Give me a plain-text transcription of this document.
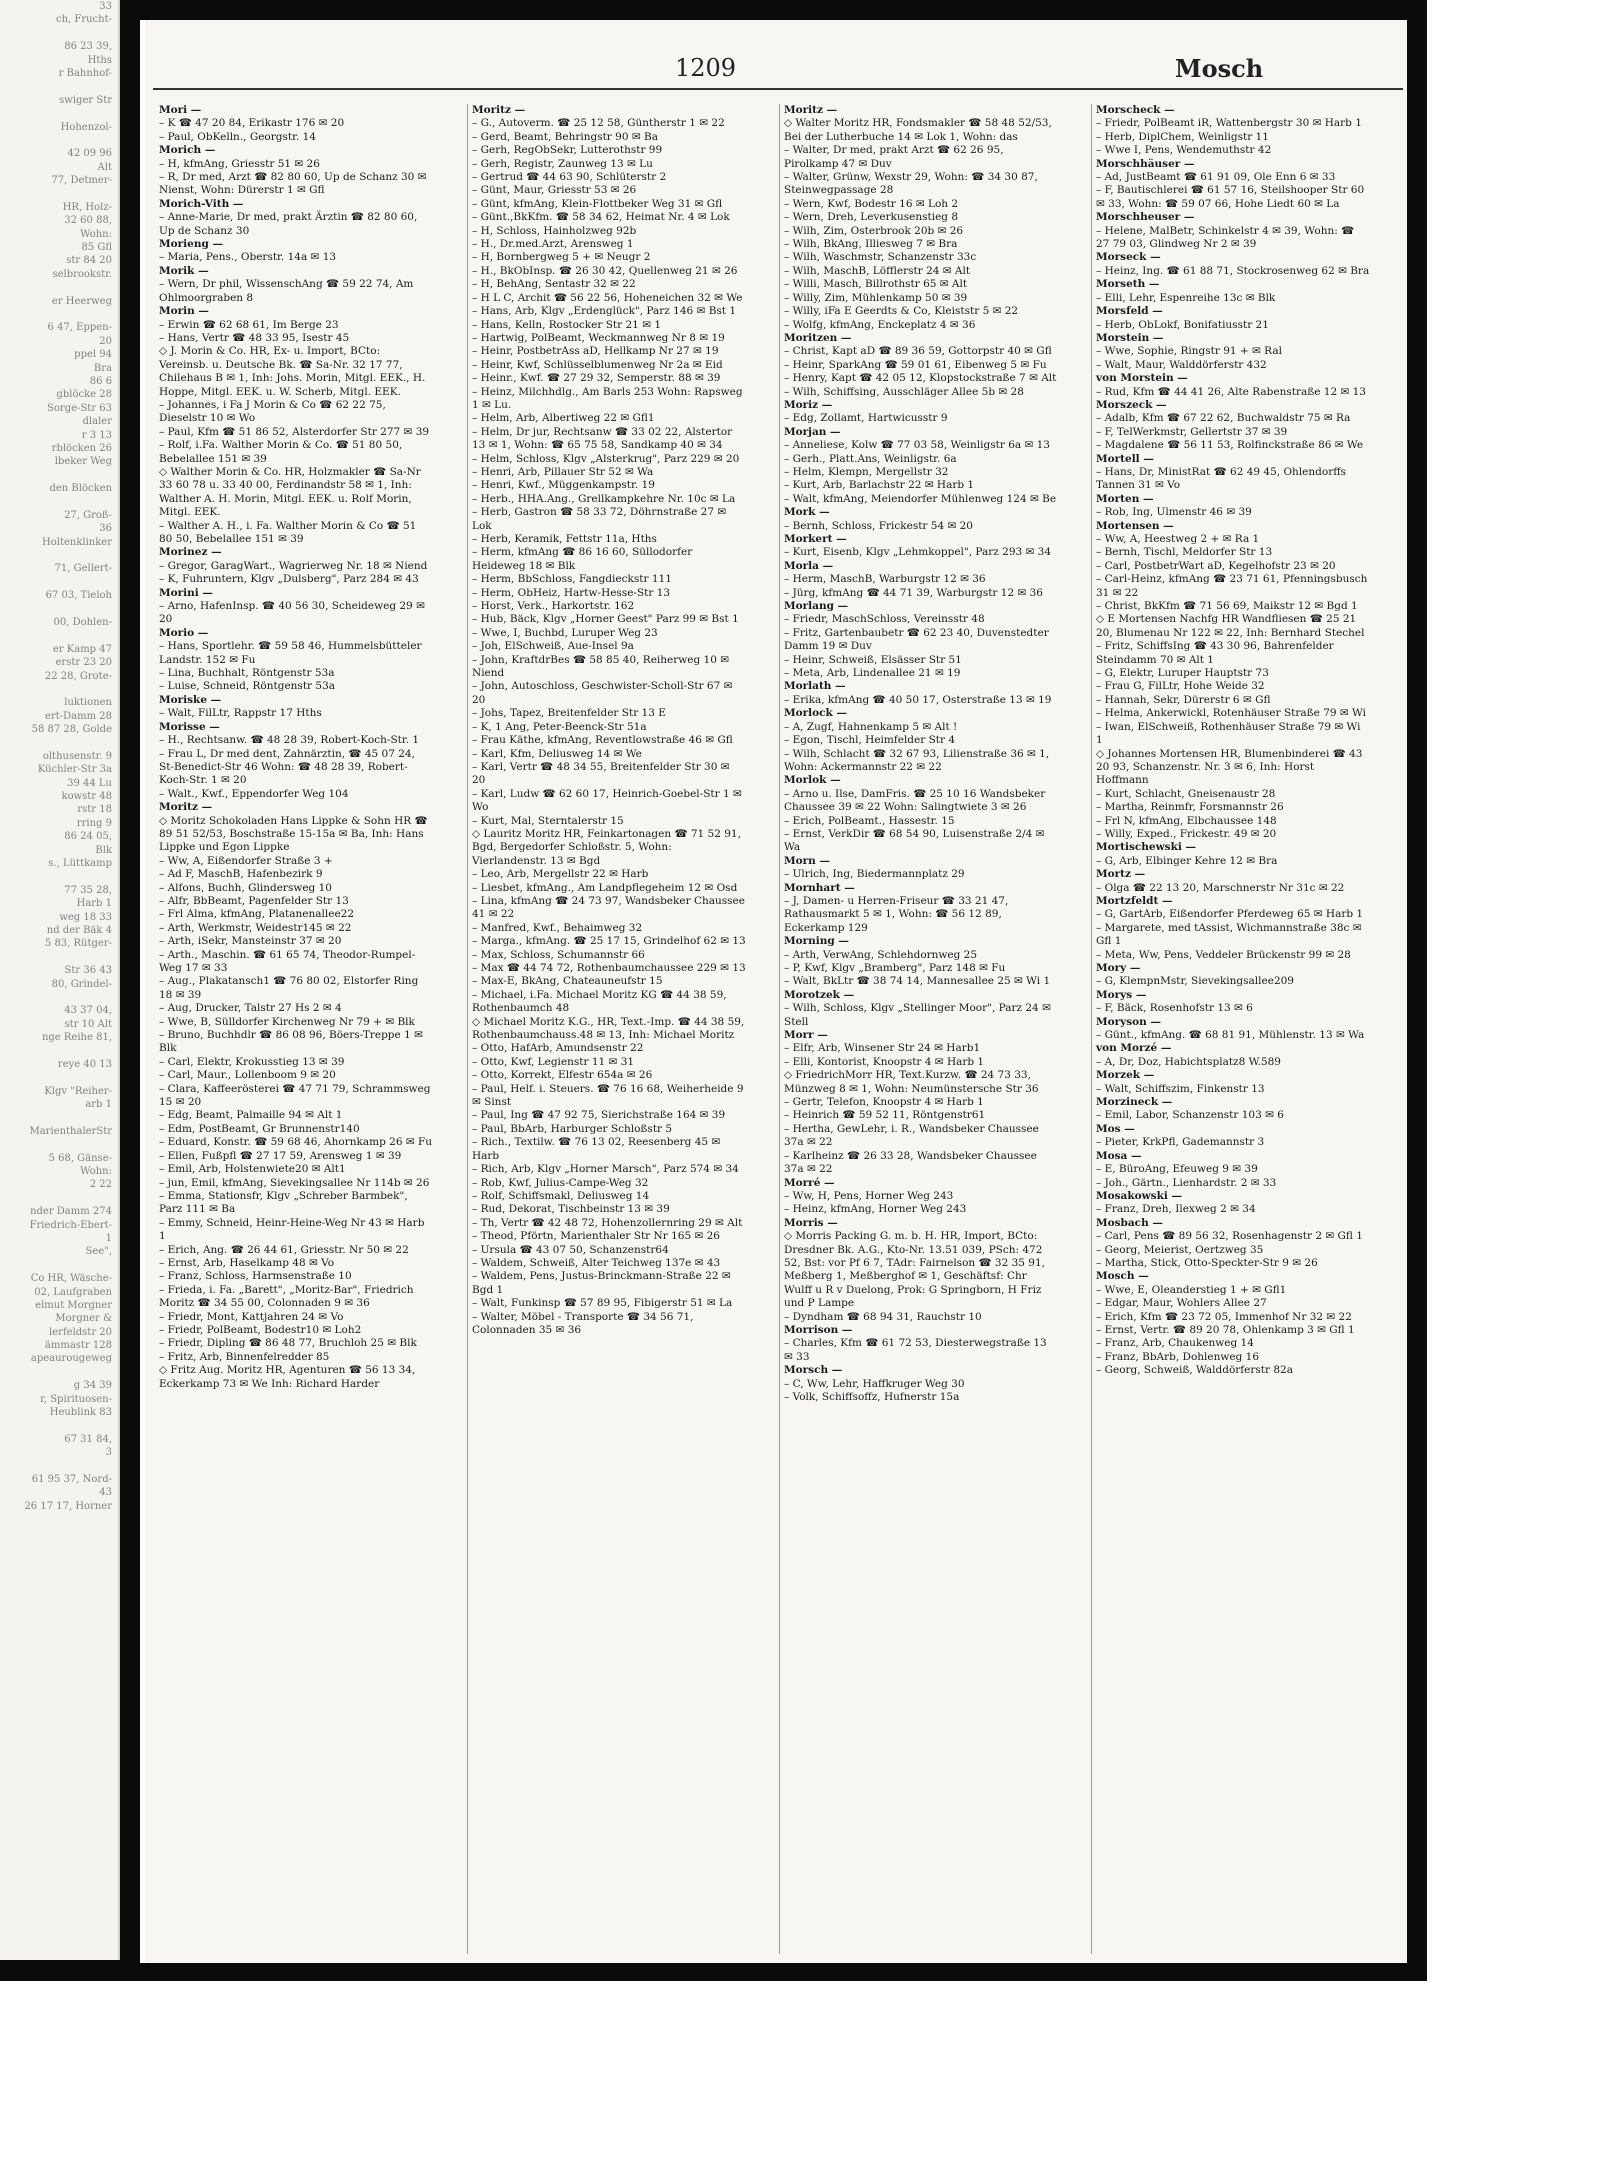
33
ch, Frucht-
86 23 39,
Hths
r Bahnhof-
swiger Str
Hohenzol-
42 09 96
Alt
77, Detmer-
HR, Holz-
32 60 88,
Wohn:
85 Gfl
str 84 20
selbrookstr.
er Heerweg
6 47, Eppen-
20
ppel 94
Bra
86 6
gblöcke 28
Sorge-Str 63
dlaler
r 3 13
rblöcken 26
lbeker Weg
den Blöcken
27, Groß-
36
Holtenklinker
71, Gellert-
67 03, Tieloh
00, Dohlen-
er Kamp 47
erstr 23 20
22 28, Grote-
luktionen
ert-Damm 28
58 87 28, Golde
olthusenstr. 9
Küchler-Str 3a
39 44 Lu
kowstr 48
rstr 18
rring 9
86 24 05,
Blk
s., Lüttkamp
77 35 28,
Harb 1
weg 18 33
nd der Bäk 4
5 83, Rütger-
Str 36 43
80, Grindel-
43 37 04,
str 10 Alt
nge Reihe 81,
reye 40 13
Klgv "Reiher-
arb 1
MarienthalerStr
5 68, Gänse-
Wohn:
2 22
nder Damm 274
Friedrich-Ebert-
1
See",
Co HR, Wäsche-
02, Laufgraben
elmut Morgner
Morgner &
lerfeldstr 20
ämmastr 128
apeaurougeweg
g 34 39
r, Spirituosen-
Heublink 83
67 31 84,
3
61 95 37, Nord-
43
26 17 17, Horner
1209	Mosch
Mori —
– K ☎ 47 20 84, Erikastr 176 ✉ 20
– Paul, ObKelln., Georgstr. 14
Morich —
– H, kfmAng, Griesstr 51 ✉ 26
– R, Dr med, Arzt ☎ 82 80 60, Up de Schanz 30 ✉ Nienst, Wohn: Dürerstr 1 ✉ Gfl
Morich-Vith —
– Anne-Marie, Dr med, prakt Ärztin ☎ 82 80 60, Up de Schanz 30
Morieng —
– Maria, Pens., Oberstr. 14a ✉ 13
Morik —
– Wern, Dr phil, WissenschAng ☎ 59 22 74, Am Ohlmoorgraben 8
Morin —
– Erwin ☎ 62 68 61, Im Berge 23
– Hans, Vertr ☎ 48 33 95, Isestr 45
◇ J. Morin & Co. HR, Ex- u. Import, BCto: Vereinsb. u. Deutsche Bk. ☎ Sa-Nr. 32 17 77, Chilehaus B ✉ 1, Inh: Johs. Morin, Mitgl. EEK., H. Hoppe, Mitgl. EEK. u. W. Scherb, Mitgl. EEK.
– Johannes, i Fa J Morin & Co ☎ 62 22 75, Dieselstr 10 ✉ Wo
– Paul, Kfm ☎ 51 86 52, Alsterdorfer Str 277 ✉ 39
– Rolf, i.Fa. Walther Morin & Co. ☎ 51 80 50, Bebelallee 151 ✉ 39
◇ Walther Morin & Co. HR, Holzmakler ☎ Sa-Nr 33 60 78 u. 33 40 00, Ferdinandstr 58 ✉ 1, Inh: Walther A. H. Morin, Mitgl. EEK. u. Rolf Morin, Mitgl. EEK.
– Walther A. H., i. Fa. Walther Morin & Co ☎ 51 80 50, Bebelallee 151 ✉ 39
Morinez —
– Gregor, GaragWart., Wagrierweg Nr. 18 ✉ Niend
– K, Fuhruntern, Klgv „Dulsberg", Parz 284 ✉ 43
Morini —
– Arno, HafenInsp. ☎ 40 56 30, Scheideweg 29 ✉ 20
Morio —
– Hans, Sportlehr. ☎ 59 58 46, Hummelsbütteler Landstr. 152 ✉ Fu
– Lina, Buchhalt, Röntgenstr 53a
– Luise, Schneid, Röntgenstr 53a
Moriske —
– Walt, FilLtr, Rappstr 17 Hths
Morisse —
– H., Rechtsanw. ☎ 48 28 39, Robert-Koch-Str. 1
– Frau L, Dr med dent, Zahnärztin, ☎ 45 07 24, St-Benedict-Str 46 Wohn: ☎ 48 28 39, Robert-Koch-Str. 1 ✉ 20
– Walt., Kwf., Eppendorfer Weg 104
Moritz —
◇ Moritz Schokoladen Hans Lippke & Sohn HR ☎ 89 51 52/53, Boschstraße 15-15a ✉ Ba, Inh: Hans Lippke und Egon Lippke
– Ww, A, Eißendorfer Straße 3 +
– Ad F, MaschB, Hafenbezirk 9
– Alfons, Buchh, Glindersweg 10
– Alfr, BbBeamt, Pagenfelder Str 13
– Frl Alma, kfmAng, Platanenallee22
– Arth, Werkmstr, Weidestr145 ✉ 22
– Arth, iSekr, Mansteinstr 37 ✉ 20
– Arth., Maschin. ☎ 61 65 74, Theodor-Rumpel-Weg 17 ✉ 33
– Aug., Plakatansch1 ☎ 76 80 02, Elstorfer Ring 18 ✉ 39
– Aug, Drucker, Talstr 27 Hs 2 ✉ 4
– Wwe, B, Sülldorfer Kirchenweg Nr 79 + ✉ Blk
– Bruno, Buchhdlr ☎ 86 08 96, Böers-Treppe 1 ✉ Blk
– Carl, Elektr, Krokusstieg 13 ✉ 39
– Carl, Maur., Lollenboom 9 ✉ 20
– Clara, Kaffeerösterei ☎ 47 71 79, Schrammsweg 15 ✉ 20
– Edg, Beamt, Palmaille 94 ✉ Alt 1
– Edm, PostBeamt, Gr Brunnenstr140
– Eduard, Konstr. ☎ 59 68 46, Ahornkamp 26 ✉ Fu
– Ellen, Fußpfl ☎ 27 17 59, Arensweg 1 ✉ 39
– Emil, Arb, Holstenwiete20 ✉ Alt1
– jun, Emil, kfmAng, Sievekingsallee Nr 114b ✉ 26
– Emma, Stationsfr, Klgv „Schreber Barmbek", Parz 111 ✉ Ba
– Emmy, Schneid, Heinr-Heine-Weg Nr 43 ✉ Harb 1
– Erich, Ang. ☎ 26 44 61, Griesstr. Nr 50 ✉ 22
– Ernst, Arb, Haselkamp 48 ✉ Vo
– Franz, Schloss, Harmsenstraße 10
– Frieda, i. Fa. „Barett", „Moritz-Bar", Friedrich Moritz ☎ 34 55 00, Colonnaden 9 ✉ 36
– Friedr, Mont, Kattjahren 24 ✉ Vo
– Friedr, PolBeamt, Bodestr10 ✉ Loh2
– Friedr, Dipling ☎ 86 48 77, Bruchloh 25 ✉ Blk
– Fritz, Arb, Binnenfelredder 85
◇ Fritz Aug. Moritz HR, Agenturen ☎ 56 13 34, Eckerkamp 73 ✉ We Inh: Richard Harder
Moritz —
– G., Autoverm. ☎ 25 12 58, Güntherstr 1 ✉ 22
– Gerd, Beamt, Behringstr 90 ✉ Ba
– Gerh, RegObSekr, Lutterothstr 99
– Gerh, Registr, Zaunweg 13 ✉ Lu
– Gertrud ☎ 44 63 90, Schlüterstr 2
– Günt, Maur, Griesstr 53 ✉ 26
– Günt, kfmAng, Klein-Flottbeker Weg 31 ✉ Gfl
– Günt.,BkKfm. ☎ 58 34 62, Heimat Nr. 4 ✉ Lok
– H, Schloss, Hainholzweg 92b
– H., Dr.med.Arzt, Arensweg 1
– H, Bornbergweg 5 + ✉ Neugr 2
– H., BkObInsp. ☎ 26 30 42, Quellenweg 21 ✉ 26
– H, BehAng, Sentastr 32 ✉ 22
– H L C, Archit ☎ 56 22 56, Hoheneichen 32 ✉ We
– Hans, Arb, Klgv „Erdenglück", Parz 146 ✉ Bst 1
– Hans, Kelln, Rostocker Str 21 ✉ 1
– Hartwig, PolBeamt, Weckmannweg Nr 8 ✉ 19
– Heinr, PostbetrAss aD, Hellkamp Nr 27 ✉ 19
– Heinr, Kwf, Schlüsselblumenweg Nr 2a ✉ Eid
– Heinr., Kwf. ☎ 27 29 32, Semperstr. 88 ✉ 39
– Heinz, Milchhdlg., Am Barls 253 Wohn: Rapsweg 1 ✉ Lu.
– Helm, Arb, Albertiweg 22 ✉ Gfl1
– Helm, Dr jur, Rechtsanw ☎ 33 02 22, Alstertor 13 ✉ 1, Wohn: ☎ 65 75 58, Sandkamp 40 ✉ 34
– Helm, Schloss, Klgv „Alsterkrug", Parz 229 ✉ 20
– Henri, Arb, Pillauer Str 52 ✉ Wa
– Henri, Kwf., Müggenkampstr. 19
– Herb., HHA.Ang., Grellkampkehre Nr. 10c ✉ La
– Herb, Gastron ☎ 58 33 72, Döhrnstraße 27 ✉ Lok
– Herb, Keramik, Fettstr 11a, Hths
– Herm, kfmAng ☎ 86 16 60, Süllodorfer Heideweg 18 ✉ Blk
– Herm, BbSchloss, Fangdieckstr 111
– Herm, ObHeiz, Hartw-Hesse-Str 13
– Horst, Verk., Harkortstr. 162
– Hub, Bäck, Klgv „Horner Geest" Parz 99 ✉ Bst 1
– Wwe, I, Buchbd, Luruper Weg 23
– Joh, ElSchweiß, Aue-Insel 9a
– John, KraftdrBes ☎ 58 85 40, Reiherweg 10 ✉ Niend
– John, Autoschloss, Geschwister-Scholl-Str 67 ✉ 20
– Johs, Tapez, Breitenfelder Str 13 E
– K, 1 Ang, Peter-Beenck-Str 51a
– Frau Käthe, kfmAng, Reventlowstraße 46 ✉ Gfl
– Karl, Kfm, Deliusweg 14 ✉ We
– Karl, Vertr ☎ 48 34 55, Breitenfelder Str 30 ✉ 20
– Karl, Ludw ☎ 62 60 17, Heinrich-Goebel-Str 1 ✉ Wo
– Kurt, Mal, Sterntalerstr 15
◇ Lauritz Moritz HR, Feinkartonagen ☎ 71 52 91, Bgd, Bergedorfer Schloßstr. 5, Wohn: Vierlandenstr. 13 ✉ Bgd
– Leo, Arb, Mergellstr 22 ✉ Harb
– Liesbet, kfmAng., Am Landpflegeheim 12 ✉ Osd
– Lina, kfmAng ☎ 24 73 97, Wandsbeker Chaussee 41 ✉ 22
– Manfred, Kwf., Behaimweg 32
– Marga., kfmAng. ☎ 25 17 15, Grindelhof 62 ✉ 13
– Max, Schloss, Schumannstr 66
– Max ☎ 44 74 72, Rothenbaumchaussee 229 ✉ 13
– Max-E, BkAng, Chateauneufstr 15
– Michael, i.Fa. Michael Moritz KG ☎ 44 38 59, Rothenbaumch 48
◇ Michael Moritz K.G., HR, Text.-Imp. ☎ 44 38 59, Rothenbaumchauss.48 ✉ 13, Inh: Michael Moritz
– Otto, HafArb, Amundsenstr 22
– Otto, Kwf, Legienstr 11 ✉ 31
– Otto, Korrekt, Elfestr 654a ✉ 26
– Paul, Helf. i. Steuers. ☎ 76 16 68, Weiherheide 9 ✉ Sinst
– Paul, Ing ☎ 47 92 75, Sierichstraße 164 ✉ 39
– Paul, BbArb, Harburger Schloßstr 5
– Rich., Textilw. ☎ 76 13 02, Reesenberg 45 ✉ Harb
– Rich, Arb, Klgv „Horner Marsch", Parz 574 ✉ 34
– Rob, Kwf, Julius-Campe-Weg 32
– Rolf, Schiffsmakl, Deliusweg 14
– Rud, Dekorat, Tischbeinstr 13 ✉ 39
– Th, Vertr ☎ 42 48 72, Hohenzollernring 29 ✉ Alt
– Theod, Pförtn, Marienthaler Str Nr 165 ✉ 26
– Ursula ☎ 43 07 50, Schanzenstr64
– Waldem, Schweiß, Alter Teichweg 137e ✉ 43
– Waldem, Pens, Justus-Brinckmann-Straße 22 ✉ Bgd 1
– Walt, Funkinsp ☎ 57 89 95, Fibigerstr 51 ✉ La
– Walter, Möbel - Transporte ☎ 34 56 71, Colonnaden 35 ✉ 36
Moritz —
◇ Walter Moritz HR, Fondsmakler ☎ 58 48 52/53, Bei der Lutherbuche 14 ✉ Lok 1, Wohn: das
– Walter, Dr med, prakt Arzt ☎ 62 26 95, Pirolkamp 47 ✉ Duv
– Walter, Grünw, Wexstr 29, Wohn: ☎ 34 30 87, Steinwegpassage 28
– Wern, Kwf, Bodestr 16 ✉ Loh 2
– Wern, Dreh, Leverkusenstieg 8
– Wilh, Zim, Osterbrook 20b ✉ 26
– Wilh, BkAng, Illiesweg 7 ✉ Bra
– Wilh, Waschmstr, Schanzenstr 33c
– Wilh, MaschB, Löfflerstr 24 ✉ Alt
– Willi, Masch, Billrothstr 65 ✉ Alt
– Willy, Zim, Mühlenkamp 50 ✉ 39
– Willy, iFa E Geerdts & Co, Kleiststr 5 ✉ 22
– Wolfg, kfmAng, Enckeplatz 4 ✉ 36
Moritzen —
– Christ, Kapt aD ☎ 89 36 59, Gottorpstr 40 ✉ Gfl
– Heinr, SparkAng ☎ 59 01 61, Eibenweg 5 ✉ Fu
– Henry, Kapt ☎ 42 05 12, Klopstockstraße 7 ✉ Alt
– Wilh, Schiffsing, Ausschläger Allee 5b ✉ 28
Moriz —
– Edg, Zollamt, Hartwicusstr 9
Morjan —
– Anneliese, Kolw ☎ 77 03 58, Weinligstr 6a ✉ 13
– Gerh., Platt.Ans, Weinligstr. 6a
– Helm, Klempn, Mergellstr 32
– Kurt, Arb, Barlachstr 22 ✉ Harb 1
– Walt, kfmAng, Meiendorfer Mühlenweg 124 ✉ Be
Mork —
– Bernh, Schloss, Frickestr 54 ✉ 20
Morkert —
– Kurt, Eisenb, Klgv „Lehmkoppel", Parz 293 ✉ 34
Morla —
– Herm, MaschB, Warburgstr 12 ✉ 36
– Jürg, kfmAng ☎ 44 71 39, Warburgstr 12 ✉ 36
Morlang —
– Friedr, MaschSchloss, Vereinsstr 48
– Fritz, Gartenbaubetr ☎ 62 23 40, Duvenstedter Damm 19 ✉ Duv
– Heinr, Schweiß, Elsässer Str 51
– Meta, Arb, Lindenallee 21 ✉ 19
Morlath —
– Erika, kfmAng ☎ 40 50 17, Osterstraße 13 ✉ 19
Morlock —
– A, Zugf, Hahnenkamp 5 ✉ Alt !
– Egon, Tischl, Heimfelder Str 4
– Wilh, Schlacht ☎ 32 67 93, Lilienstraße 36 ✉ 1, Wohn: Ackermannstr 22 ✉ 22
Morlok —
– Arno u. Ilse, DamFris. ☎ 25 10 16 Wandsbeker Chaussee 39 ✉ 22 Wohn: Salingtwiete 3 ✉ 26
– Erich, PolBeamt., Hassestr. 15
– Ernst, VerkDir ☎ 68 54 90, Luisenstraße 2/4 ✉ Wa
Morn —
– Ulrich, Ing, Biedermannplatz 29
Mornhart —
– J, Damen- u Herren-Friseur ☎ 33 21 47, Rathausmarkt 5 ✉ 1, Wohn: ☎ 56 12 89, Eckerkamp 129
Morning —
– Arth, VerwAng, Schlehdornweg 25
– P, Kwf, Klgv „Bramberg", Parz 148 ✉ Fu
– Walt, BkLtr ☎ 38 74 14, Mannesallee 25 ✉ Wi 1
Morotzek —
– Wilh, Schloss, Klgv „Stellinger Moor", Parz 24 ✉ Stell
Morr —
– Elfr, Arb, Winsener Str 24 ✉ Harb1
– Elli, Kontorist, Knoopstr 4 ✉ Harb 1
◇ FriedrichMorr HR, Text.Kurzw. ☎ 24 73 33, Münzweg 8 ✉ 1, Wohn: Neumünstersche Str 36
– Gertr, Telefon, Knoopstr 4 ✉ Harb 1
– Heinrich ☎ 59 52 11, Röntgenstr61
– Hertha, GewLehr, i. R., Wandsbeker Chaussee 37a ✉ 22
– Karlheinz ☎ 26 33 28, Wandsbeker Chaussee 37a ✉ 22
Morré —
– Ww, H, Pens, Horner Weg 243
– Heinz, kfmAng, Horner Weg 243
Morris —
◇ Morris Packing G. m. b. H. HR, Import, BCto: Dresdner Bk. A.G., Kto-Nr. 13.51 039, PSch: 472 52, Bst: vor Pf 6 7, TAdr: Fairnelson ☎ 32 35 91, Meßberg 1, Meßberghof ✉ 1, Geschäftsf: Chr Wulff u R v Duelong, Prok: G Springborn, H Friz und P Lampe
– Dyndham ☎ 68 94 31, Rauchstr 10
Morrison —
– Charles, Kfm ☎ 61 72 53, Diesterwegstraße 13 ✉ 33
Morsch —
– C, Ww, Lehr, Haffkruger Weg 30
– Volk, Schiffsoffz, Hufnerstr 15a
Morscheck —
– Friedr, PolBeamt iR, Wattenbergstr 30 ✉ Harb 1
– Herb, DiplChem, Weinligstr 11
– Wwe I, Pens, Wendemuthstr 42
Morschhäuser —
– Ad, JustBeamt ☎ 61 91 09, Ole Enn 6 ✉ 33
– F, Bautischlerei ☎ 61 57 16, Steilshooper Str 60 ✉ 33, Wohn: ☎ 59 07 66, Hohe Liedt 60 ✉ La
Morschheuser —
– Helene, MalBetr, Schinkelstr 4 ✉ 39, Wohn: ☎ 27 79 03, Glindweg Nr 2 ✉ 39
Morseck —
– Heinz, Ing. ☎ 61 88 71, Stockrosenweg 62 ✉ Bra
Morseth —
– Elli, Lehr, Espenreihe 13c ✉ Blk
Morsfeld —
– Herb, ObLokf, Bonifatiusstr 21
Morstein —
– Wwe, Sophie, Ringstr 91 + ✉ Ral
– Walt, Maur, Walddörferstr 432
von Morstein —
– Rud, Kfm ☎ 44 41 26, Alte Rabenstraße 12 ✉ 13
Morszeck —
– Adalb, Kfm ☎ 67 22 62, Buchwaldstr 75 ✉ Ra
– F, TelWerkmstr, Gellertstr 37 ✉ 39
– Magdalene ☎ 56 11 53, Rolfinckstraße 86 ✉ We
Mortell —
– Hans, Dr, MinistRat ☎ 62 49 45, Ohlendorffs Tannen 31 ✉ Vo
Morten —
– Rob, Ing, Ulmenstr 46 ✉ 39
Mortensen —
– Ww, A, Heestweg 2 + ✉ Ra 1
– Bernh, Tischl, Meldorfer Str 13
– Carl, PostbetrWart aD, Kegelhofstr 23 ✉ 20
– Carl-Heinz, kfmAng ☎ 23 71 61, Pfenningsbusch 31 ✉ 22
– Christ, BkKfm ☎ 71 56 69, Maikstr 12 ✉ Bgd 1
◇ E Mortensen Nachfg HR Wandfliesen ☎ 25 21 20, Blumenau Nr 122 ✉ 22, Inh: Bernhard Stechel
– Fritz, SchiffsIng ☎ 43 30 96, Bahrenfelder Steindamm 70 ✉ Alt 1
– G, Elektr, Luruper Hauptstr 73
– Frau G, FilLtr, Hohe Weide 32
– Hannah, Sekr, Dürerstr 6 ✉ Gfl
– Helma, Ankerwickl, Rotenhäuser Straße 79 ✉ Wi
– Iwan, ElSchweiß, Rothenhäuser Straße 79 ✉ Wi 1
◇ Johannes Mortensen HR, Blumenbinderei ☎ 43 20 93, Schanzenstr. Nr. 3 ✉ 6, Inh: Horst Hoffmann
– Kurt, Schlacht, Gneisenaustr 28
– Martha, Reinmfr, Forsmannstr 26
– Frl N, kfmAng, Elbchaussee 148
– Willy, Exped., Frickestr. 49 ✉ 20
Mortischewski —
– G, Arb, Elbinger Kehre 12 ✉ Bra
Mortz —
– Olga ☎ 22 13 20, Marschnerstr Nr 31c ✉ 22
Mortzfeldt —
– G, GartArb, Eißendorfer Pferdeweg 65 ✉ Harb 1
– Margarete, med tAssist, Wichmannstraße 38c ✉ Gfl 1
– Meta, Ww, Pens, Veddeler Brückenstr 99 ✉ 28
Mory —
– G, KlempnMstr, Sievekingsallee209
Morys —
– F, Bäck, Rosenhofstr 13 ✉ 6
Moryson —
– Günt., kfmAng. ☎ 68 81 91, Mühlenstr. 13 ✉ Wa
von Morzé —
– A, Dr, Doz, Habichtsplatz8 W.589
Morzek —
– Walt, Schiffszim, Finkenstr 13
Morzineck —
– Emil, Labor, Schanzenstr 103 ✉ 6
Mos —
– Pieter, KrkPfl, Gademannstr 3
Mosa —
– E, BüroAng, Efeuweg 9 ✉ 39
– Joh., Gärtn., Lienhardstr. 2 ✉ 33
Mosakowski —
– Franz, Dreh, Ilexweg 2 ✉ 34
Mosbach —
– Carl, Pens ☎ 89 56 32, Rosenhagenstr 2 ✉ Gfl 1
– Georg, Meierist, Oertzweg 35
– Martha, Stick, Otto-Speckter-Str 9 ✉ 26
Mosch —
– Wwe, E, Oleanderstieg 1 + ✉ Gfl1
– Edgar, Maur, Wohlers Allee 27
– Erich, Kfm ☎ 23 72 05, Immenhof Nr 32 ✉ 22
– Ernst, Vertr. ☎ 89 20 78, Ohlenkamp 3 ✉ Gfl 1
– Franz, Arb, Chaukenweg 14
– Franz, BbArb, Dohlenweg 16
– Georg, Schweiß, Walddörferstr 82a
